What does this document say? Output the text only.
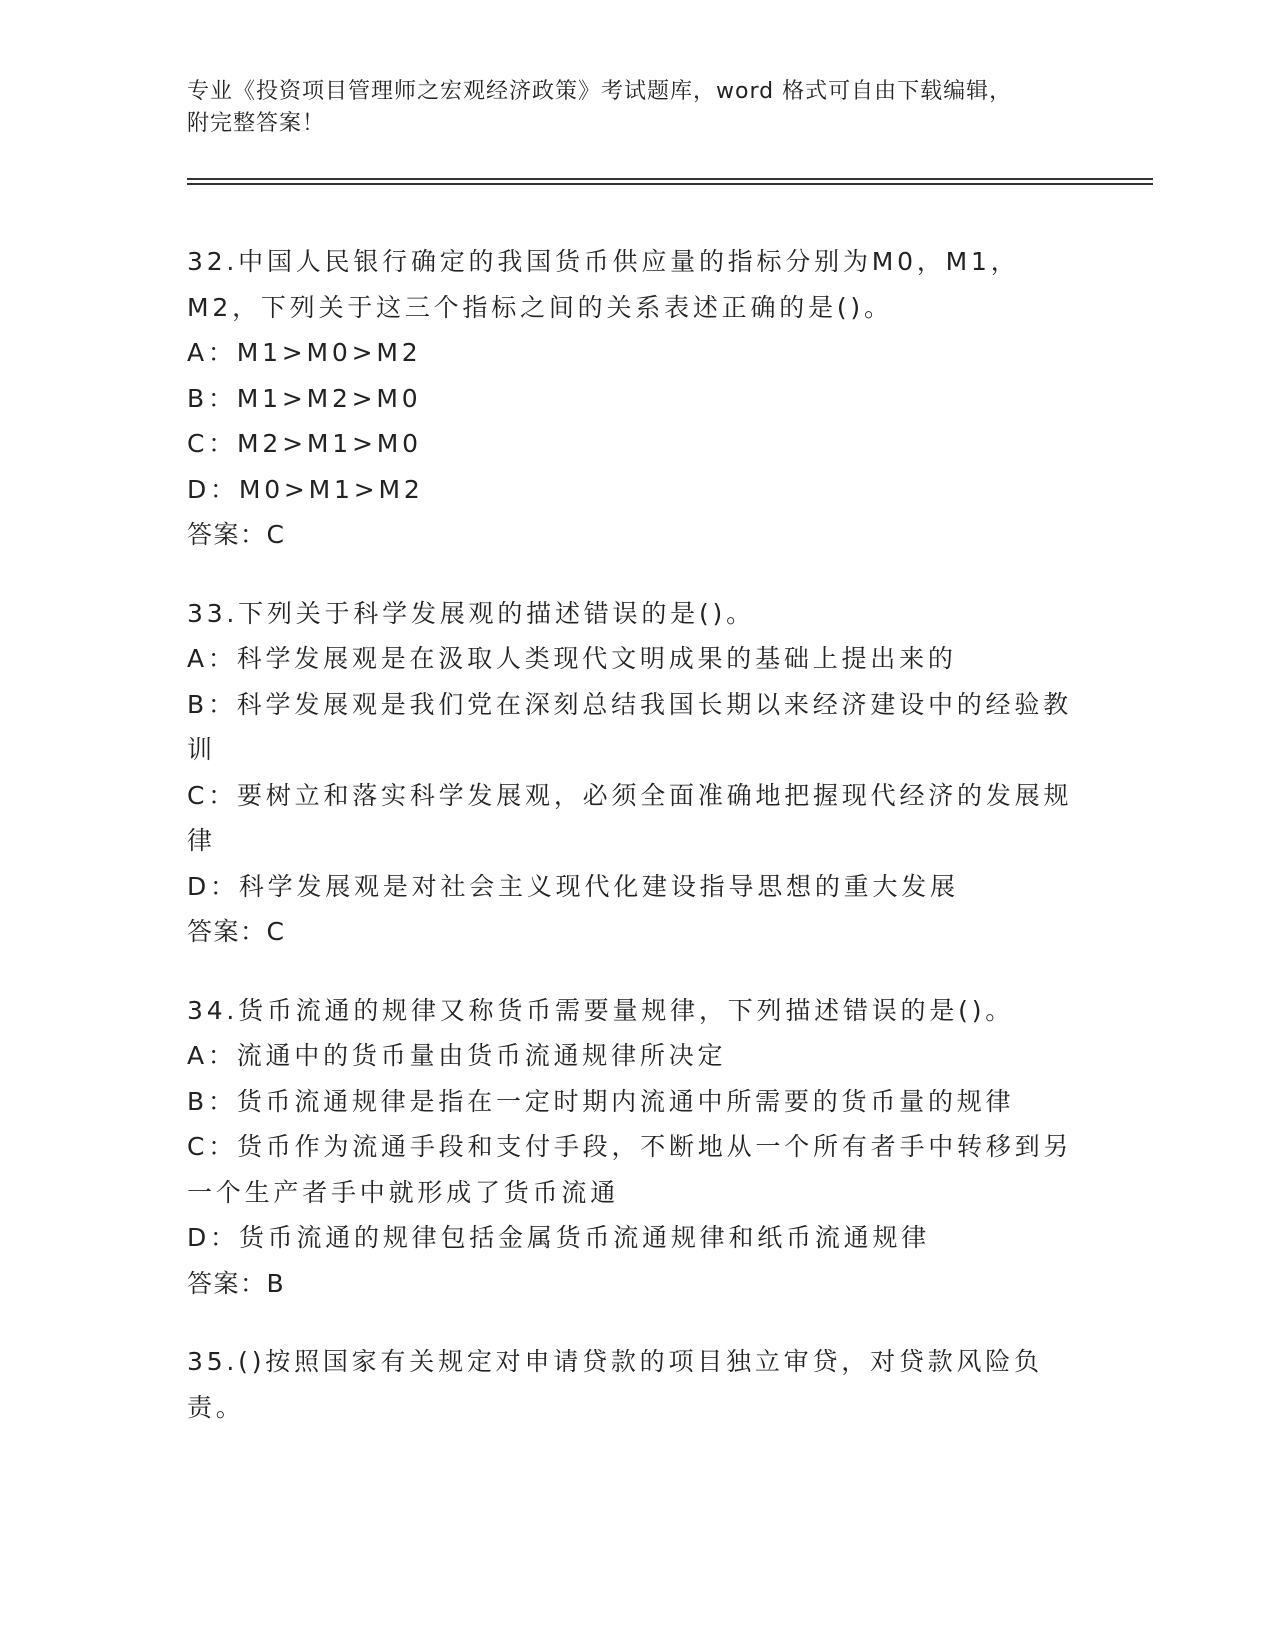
专业《投资项目管理师之宏观经济政策》考试题库，word 格式可自由下载编辑，
附完整答案！
32.中国人民银行确定的我国货币供应量的指标分别为M0，M1，M2，下列关于这三个指标之间的关系表述正确的是()。
A：M1>M0>M2
B：M1>M2>M0
C：M2>M1>M0
D：M0>M1>M2
答案：C
33.下列关于科学发展观的描述错误的是()。
A：科学发展观是在汲取人类现代文明成果的基础上提出来的
B：科学发展观是我们党在深刻总结我国长期以来经济建设中的经验教训
C：要树立和落实科学发展观，必须全面准确地把握现代经济的发展规律
D：科学发展观是对社会主义现代化建设指导思想的重大发展
答案：C
34.货币流通的规律又称货币需要量规律，下列描述错误的是()。
A：流通中的货币量由货币流通规律所决定
B：货币流通规律是指在一定时期内流通中所需要的货币量的规律
C：货币作为流通手段和支付手段，不断地从一个所有者手中转移到另一个生产者手中就形成了货币流通
D：货币流通的规律包括金属货币流通规律和纸币流通规律
答案：B
35.()按照国家有关规定对申请贷款的项目独立审贷，对贷款风险负责。
